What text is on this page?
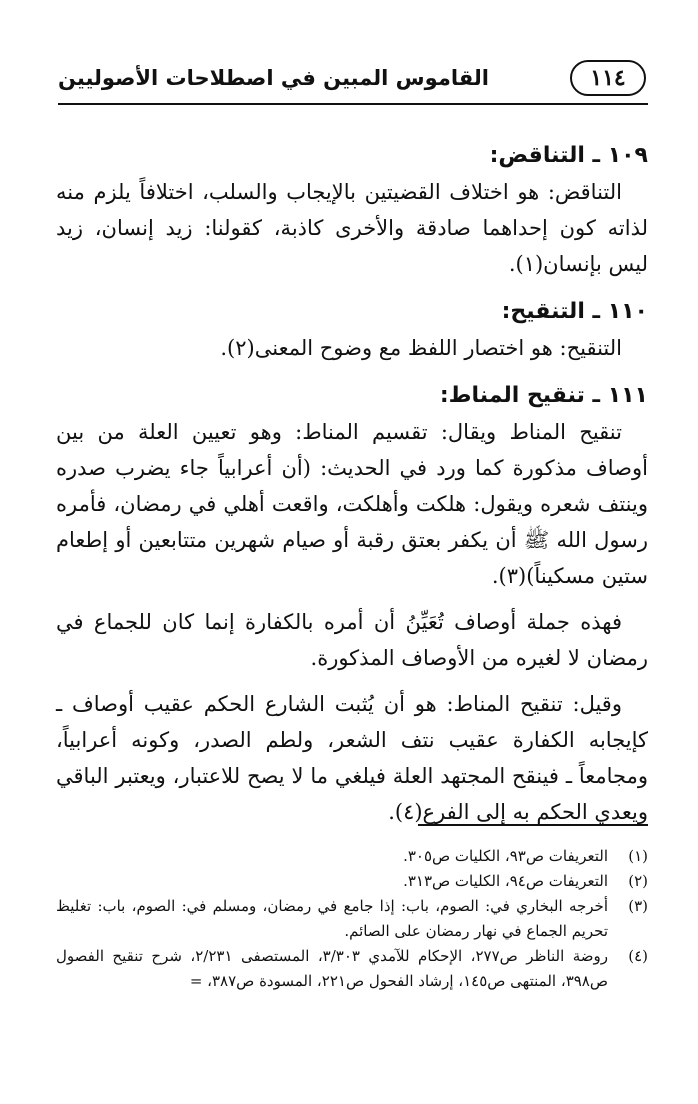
١١٤
القاموس المبين في اصطلاحات الأصوليين

١٠٩ ـ التناقض:

التناقض: هو اختلاف القضيتين بالإيجاب والسلب، اختلافاً يلزم منه لذاته كون إحداهما صادقة والأخرى كاذبة، كقولنا: زيد إنسان، زيد ليس بإنسان(١).

١١٠ ـ التنقيح:

التنقيح: هو اختصار اللفظ مع وضوح المعنى(٢).

١١١ ـ تنقيح المناط:

تنقيح المناط ويقال: تقسيم المناط: وهو تعيين العلة من بين أوصاف مذكورة كما ورد في الحديث: (أن أعرابياً جاء يضرب صدره وينتف شعره ويقول: هلكت وأهلكت، واقعت أهلي في رمضان، فأمره رسول الله ﷺ أن يكفر بعتق رقبة أو صيام شهرين متتابعين أو إطعام ستين مسكيناً)(٣).

فهذه جملة أوصاف تُعَيِّنُ أن أمره بالكفارة إنما كان للجماع في رمضان لا لغيره من الأوصاف المذكورة.

وقيل: تنقيح المناط: هو أن يُثبت الشارع الحكم عقيب أوصاف ـ كإيجابه الكفارة عقيب نتف الشعر، ولطم الصدر، وكونه أعرابياً، ومجامعاً ـ فينقح المجتهد العلة فيلغي ما لا يصح للاعتبار، ويعتبر الباقي ويعدي الحكم به إلى الفرع(٤).

(١)
التعريفات ص٩٣، الكليات ص٣٠٥.
(٢)
التعريفات ص٩٤، الكليات ص٣١٣.
(٣)
أخرجه البخاري في: الصوم، باب: إذا جامع في رمضان، ومسلم في: الصوم، باب: تغليظ تحريم الجماع في نهار رمضان على الصائم.
(٤)
روضة الناظر ص٢٧٧، الإحكام للآمدي ٣/٣٠٣، المستصفى ٢/٢٣١، شرح تنقيح الفصول ص٣٩٨، المنتهى ص١٤٥، إرشاد الفحول ص٢٢١، المسودة ص٣٨٧، =
